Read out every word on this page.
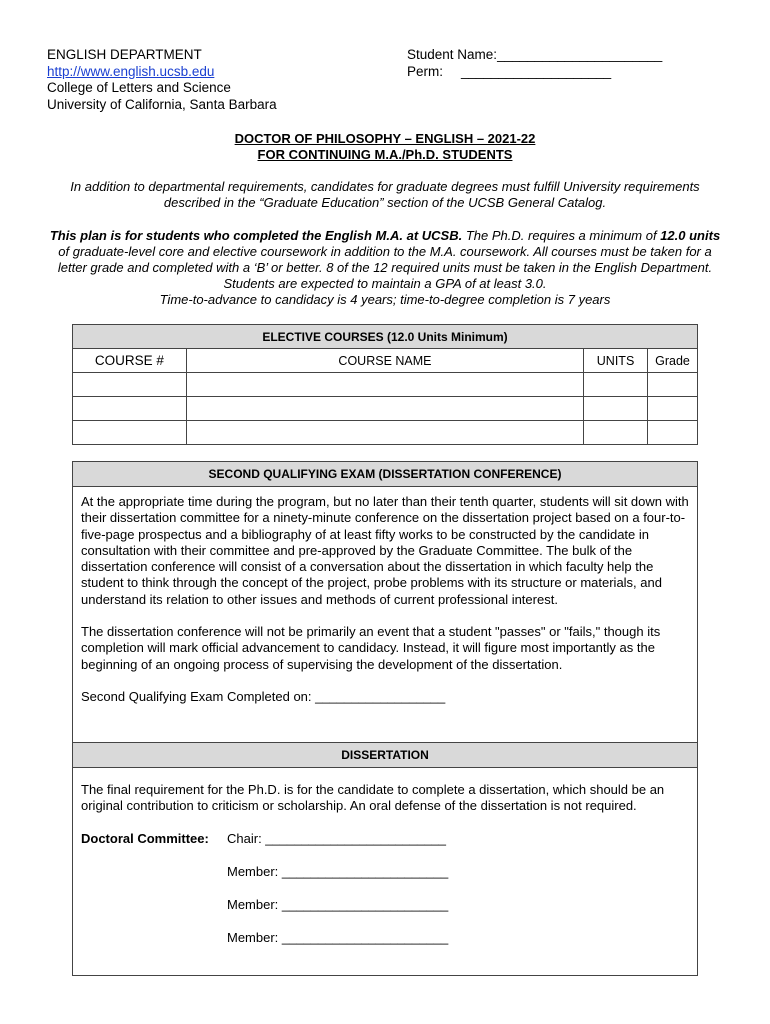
ENGLISH DEPARTMENT
http://www.english.ucsb.edu
College of Letters and Science
University of California, Santa Barbara
Student Name: ______________________
Perm:	____________________
DOCTOR OF PHILOSOPHY – ENGLISH – 2021-22
FOR CONTINUING M.A./Ph.D. STUDENTS
In addition to departmental requirements, candidates for graduate degrees must fulfill University requirements described in the “Graduate Education” section of the UCSB General Catalog.
This plan is for students who completed the English M.A. at UCSB. The Ph.D. requires a minimum of 12.0 units of graduate-level core and elective coursework in addition to the M.A. coursework. All courses must be taken for a letter grade and completed with a ‘B’ or better. 8 of the 12 required units must be taken in the English Department. Students are expected to maintain a GPA of at least 3.0.
Time-to-advance to candidacy is 4 years; time-to-degree completion is 7 years
ELECTIVE COURSES (12.0 Units Minimum)			
COURSE #	COURSE NAME	UNITS	Grade

SECOND QUALIFYING EXAM (DISSERTATION CONFERENCE)

At the appropriate time during the program, but no later than their tenth quarter, students will sit down with their dissertation committee for a ninety-minute conference on the dissertation project based on a four-to-five-page prospectus and a bibliography of at least fifty works to be constructed by the candidate in consultation with their committee and pre-approved by the Graduate Committee. The bulk of the dissertation conference will consist of a conversation about the dissertation in which faculty help the student to think through the concept of the project, probe problems with its structure or materials, and understand its relation to other issues and methods of current professional interest.

The dissertation conference will not be primarily an event that a student "passes" or "fails," though its completion will mark official advancement to candidacy. Instead, it will figure most importantly as the beginning of an ongoing process of supervising the development of the dissertation.

Second Qualifying Exam Completed on: __________________

DISSERTATION

The final requirement for the Ph.D. is for the candidate to complete a dissertation, which should be an original contribution to criticism or scholarship. An oral defense of the dissertation is not required.

Doctoral Committee:	Chair: _________________________
Member: _______________________
Member: _______________________
Member: _______________________
